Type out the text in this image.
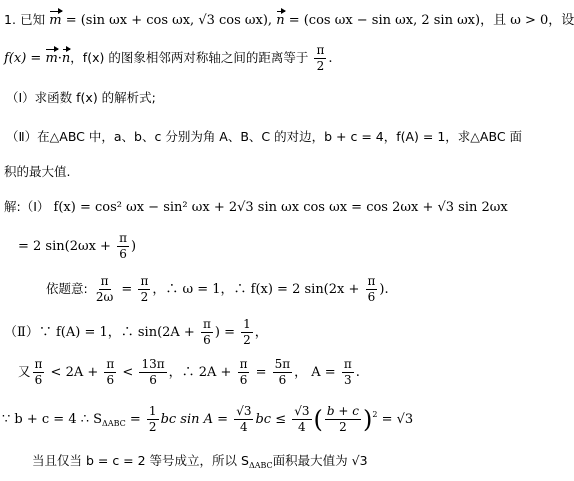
1. 已知 m = (sin ωx + cos ωx, √3 cos ωx), n = (cos ωx − sin ωx, 2 sin ωx)，且 ω > 0，设
f(x) = m·n，f(x) 的图象相邻两对称轴之间的距离等于 $\frac{\pi}{2}$ .
（Ⅰ）求函数 f(x) 的解析式;
（Ⅱ）在△ABC 中，a、b、c 分别为角 A、B、C 的对边，b + c = 4，f(A) = 1，求△ABC 面
积的最大值.
解:（Ⅰ） f(x) = cos² ωx − sin² ωx + 2√3 sin ωx cos ωx = cos 2ωx + √3 sin 2ωx
= 2 $\sin(2\omega x + \frac{\pi}{6}$ )
依题意: $\frac{\pi}{2\omega} = \frac{\pi}{2}$ ，∴ ω = 1，∴ f(x) = 2 $\sin(2x + \frac{\pi}{6}$ ).
（Ⅱ）∵ f(A) = 1，∴ $\sin(2A + \frac{\pi}{6}$ ) = $\frac{1}{2}$ ，
又 $\frac{\pi}{6} < 2A + \frac{\pi}{6} < \frac{13\pi}{6}$ ，∴ $2A + \frac{\pi}{6} = \frac{5\pi}{6}$ ， $A = \frac{\pi}{3}$ .
∵ b + c = 4 ∴ $S_{\Delta ABC} = \frac{1}{2}$ bc $\sin A = \frac{√3}{4}$ bc ≤ $\frac{√3}{4}$ ( $\frac{b + c}{2} )^2 = √3$
当且仅当 b = c = 2 等号成立，所以 $S_{\Delta ABC}$面积最大值为 √3
